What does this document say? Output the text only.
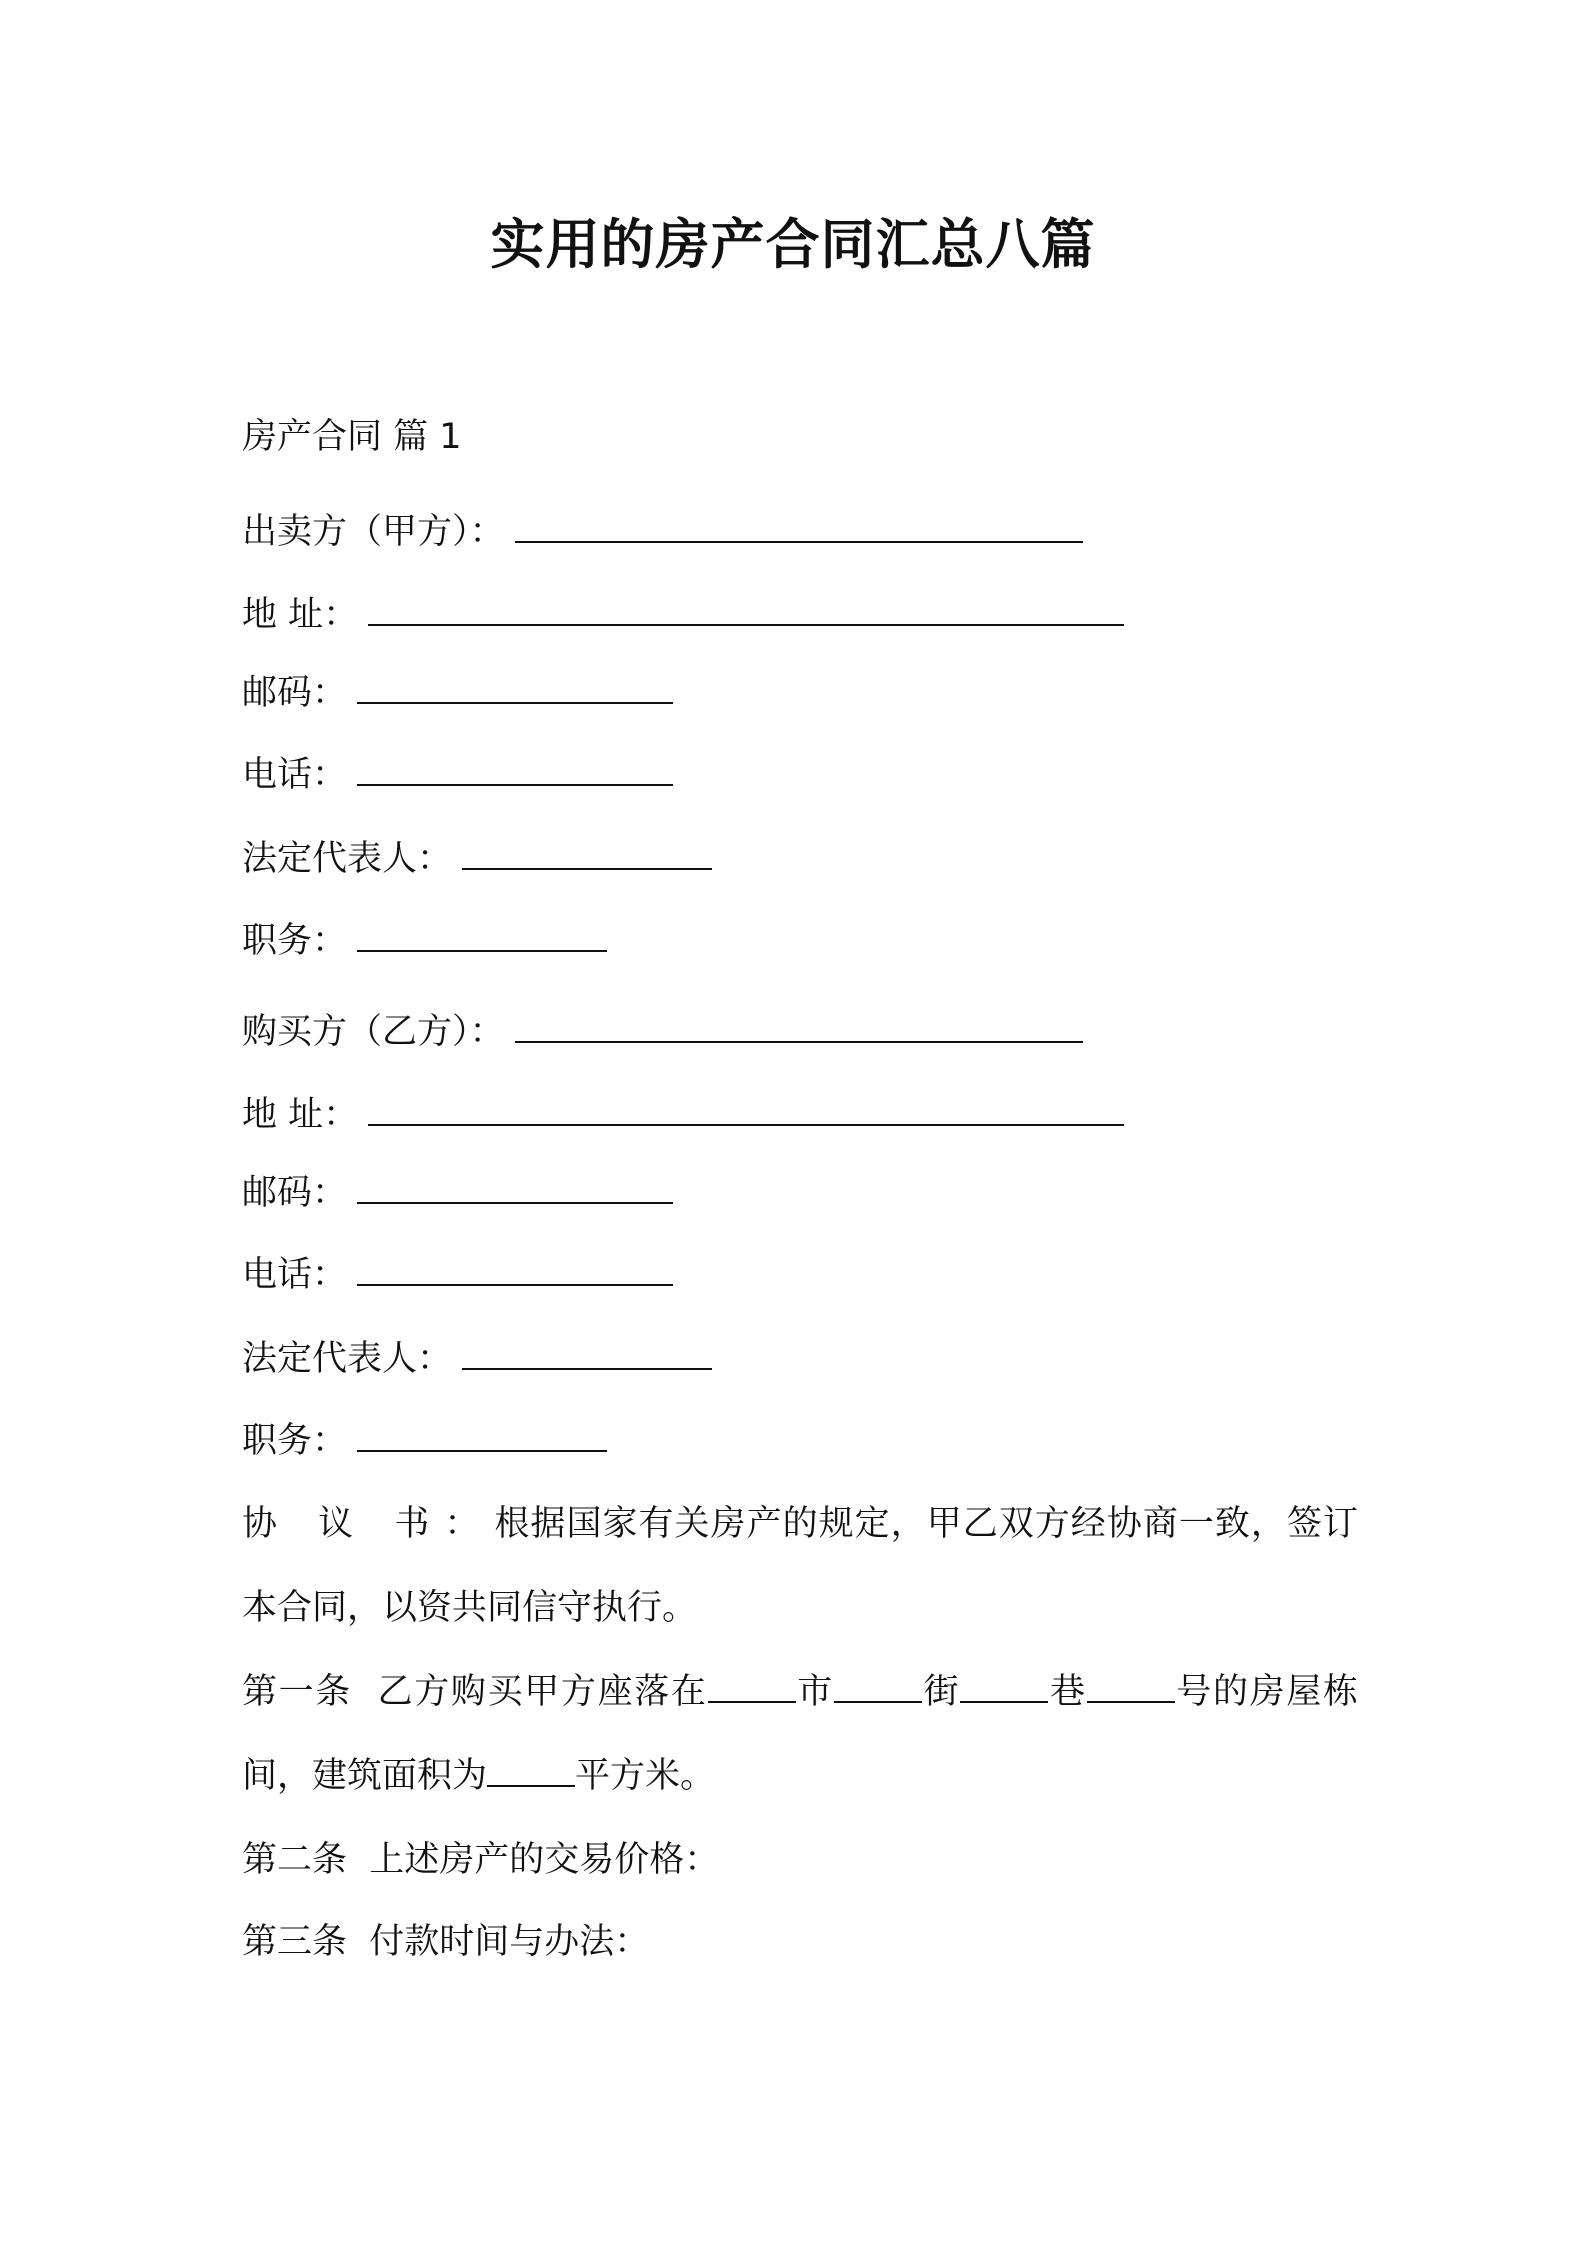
实用的房产合同汇总八篇
房产合同 篇 1
出卖方（甲方）：
地 址：
邮码：
电话：
法定代表人：
职务：
购买方（乙方）：
地 址：
邮码：
电话：
法定代表人：
职务：
协 议 书：根据国家有关房产的规定，甲乙双方经协商一致，签订本合同，以资共同信守执行。
第一条 乙方购买甲方座落在	市	街	巷	号的房屋栋 间，建筑面积为	平方米。
第二条 上述房产的交易价格：
第三条 付款时间与办法：
